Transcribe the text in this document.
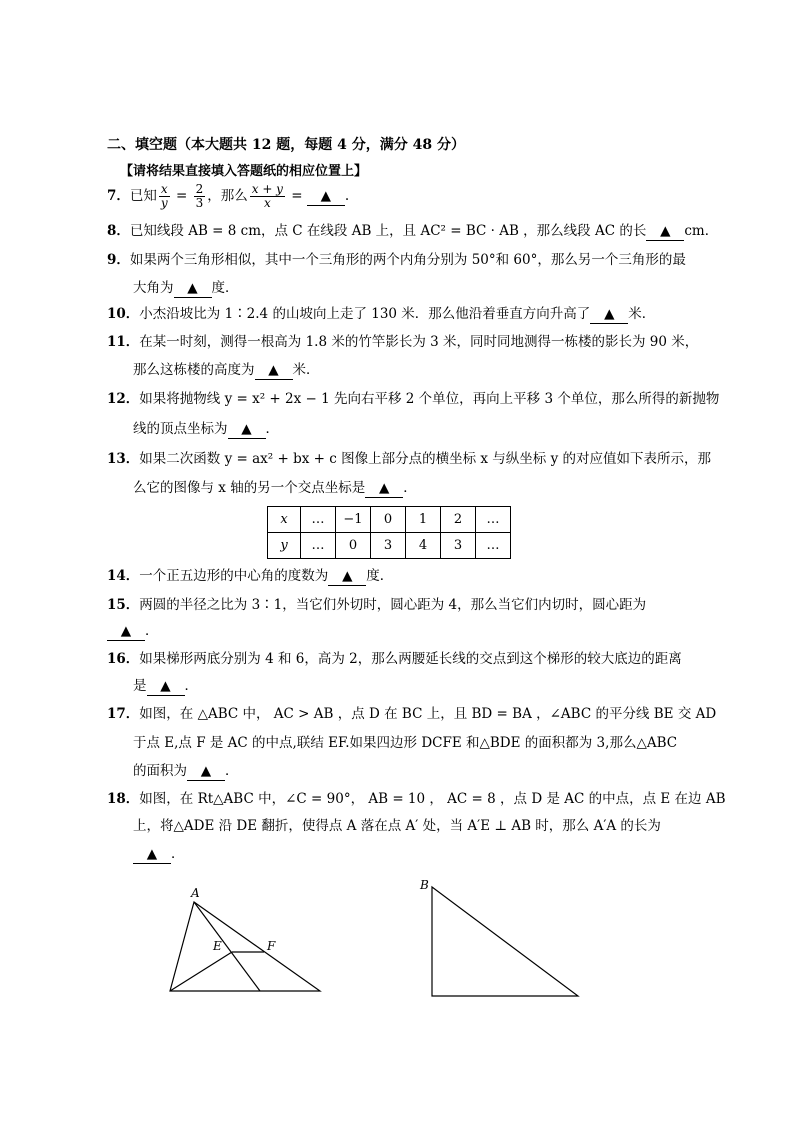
二、填空题（本大题共 12 题，每题 4 分，满分 48 分）
【请将结果直接填入答题纸的相应位置上】
7．已知 $\frac{x}{y} = \frac{2}{3}$ ，那么 $\frac{x + y}{x}$ = ▲ .
8．已知线段 AB = 8 cm，点 C 在线段 AB 上，且 AC² = BC · AB ，那么线段 AC 的长 ▲ cm．
9．如果两个三角形相似，其中一个三角形的两个内角分别为 50°和 60°，那么另一个三角形的最
大角为 ▲ 度．
10．小杰沿坡比为 1∶2.4 的山坡向上走了 130 米．那么他沿着垂直方向升高了 ▲ 米．
11．在某一时刻，测得一根高为 1.8 米的竹竿影长为 3 米，同时同地测得一栋楼的影长为 90 米，
那么这栋楼的高度为 ▲ 米．
12．如果将抛物线 y = x² + 2x − 1 先向右平移 2 个单位，再向上平移 3 个单位，那么所得的新抛物
线的顶点坐标为 ▲ ．
13．如果二次函数 y = ax² + bx + c 图像上部分点的横坐标 x 与纵坐标 y 的对应值如下表所示，那
么它的图像与 x 轴的另一个交点坐标是 ▲ ．
x	…	−1	0	1	2	…
y	…	0	3	4	3	…
14．一个正五边形的中心角的度数为 ▲ 度．
15．两圆的半径之比为 3∶1，当它们外切时，圆心距为 4，那么当它们内切时，圆心距为
▲ ．
16．如果梯形两底分别为 4 和 6，高为 2，那么两腰延长线的交点到这个梯形的较大底边的距离
是 ▲ ．
17．如图，在 △ABC 中， AC > AB ，点 D 在 BC 上，且 BD = BA ，∠ABC 的平分线 BE 交 AD
于点 E,点 F 是 AC 的中点,联结 EF.如果四边形 DCFE 和△BDE 的面积都为 3,那么△ABC
的面积为 ▲ ．
18．如图，在 Rt△ABC 中，∠C = 90°， AB = 10 ， AC = 8 ，点 D 是 AC 的中点，点 E 在边 AB
上，将△ADE 沿 DE 翻折，使得点 A 落在点 A′ 处，当 A′E ⊥ AB 时，那么 A′A 的长为
▲ ．
A
E	F
B
